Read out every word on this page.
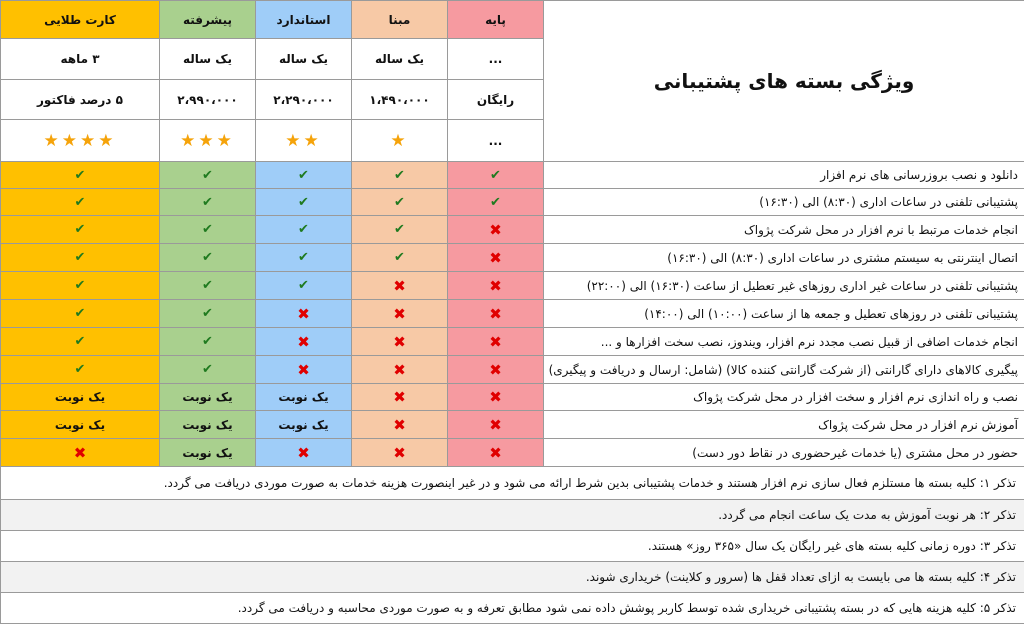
ویژگی بسته های پشتیبانی	پایه	مبنا	استاندارد	پیشرفته	کارت طلایی
	...	یک ساله	یک ساله	یک ساله	۳ ماهه
	رایگان	۱،۴۹۰،۰۰۰	۲،۲۹۰،۰۰۰	۲،۹۹۰،۰۰۰	۵ درصد فاکتور
	...	★	★★	★★★	★★★★
دانلود و نصب بروزرسانی های نرم افزار	✔	✔	✔	✔	✔
پشتیبانی تلفنی در ساعات اداری (۸:۳۰) الی (۱۶:۳۰)	✔	✔	✔	✔	✔
انجام خدمات مرتبط با نرم افزار در محل شرکت پژواک	✖	✔	✔	✔	✔
اتصال اینترنتی به سیستم مشتری در ساعات اداری (۸:۳۰) الی (۱۶:۳۰)	✖	✔	✔	✔	✔
پشتیبانی تلفنی در ساعات غیر اداری روزهای غیر تعطیل از ساعت (۱۶:۳۰) الی (۲۲:۰۰)	✖	✖	✔	✔	✔
پشتیبانی تلفنی در روزهای تعطیل و جمعه ها از ساعت (۱۰:۰۰) الی (۱۴:۰۰)	✖	✖	✖	✔	✔
انجام خدمات اضافی از قبیل نصب مجدد نرم افزار، ویندوز، نصب سخت افزارها و ...	✖	✖	✖	✔	✔
پیگیری کالاهای دارای گارانتی (از شرکت گارانتی کننده کالا) (شامل: ارسال و دریافت و پیگیری)	✖	✖	✖	✔	✔
نصب و راه اندازی نرم افزار و سخت افزار در محل شرکت پژواک	✖	✖	یک نوبت	یک نوبت	یک نوبت
آموزش نرم افزار در محل شرکت پژواک	✖	✖	یک نوبت	یک نوبت	یک نوبت
حضور در محل مشتری (یا خدمات غیرحضوری در نقاط دور دست)	✖	✖	✖	یک نوبت	✖
تذکر ۱: کلیه بسته ها مستلزم فعال سازی نرم افزار هستند و خدمات پشتیبانی بدین شرط ارائه می شود و در غیر اینصورت هزینه خدمات به صورت موردی دریافت می گردد.					
تذکر ۲: هر نوبت آموزش به مدت یک ساعت انجام می گردد.					
تذکر ۳: دوره زمانی کلیه بسته های غیر رایگان یک سال «۳۶۵ روز» هستند.					
تذکر ۴: کلیه بسته ها می بایست به ازای تعداد قفل ها (سرور و کلاینت) خریداری شوند.					
تذکر ۵: کلیه هزینه هایی که در بسته پشتیبانی خریداری شده توسط کاربر پوشش داده نمی شود مطابق تعرفه و به صورت موردی محاسبه و دریافت می گردد.					
